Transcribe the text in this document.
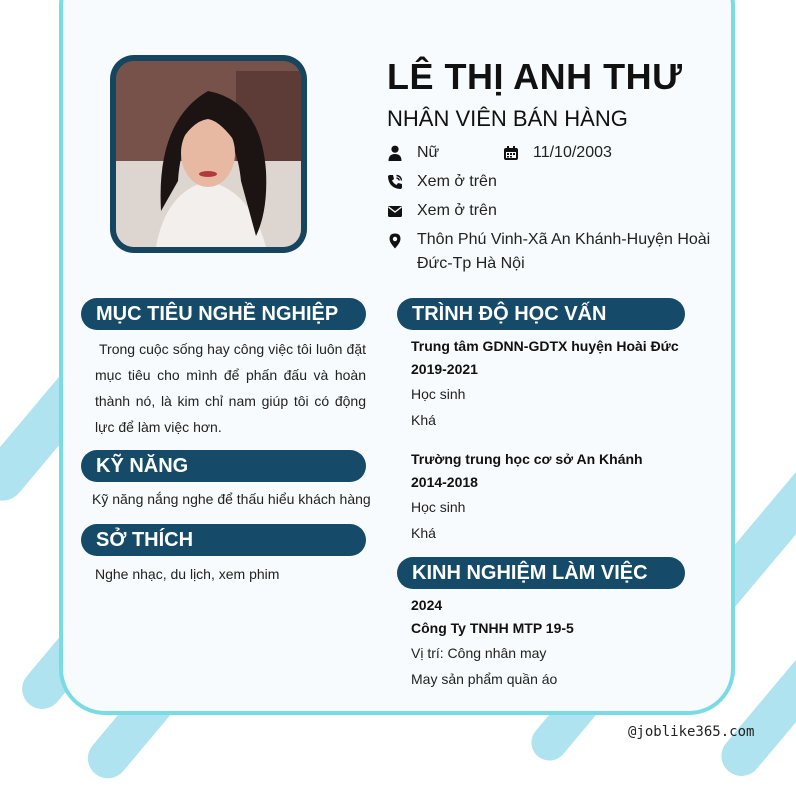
LÊ THỊ ANH THƯ
NHÂN VIÊN BÁN HÀNG
Nữ	11/10/2003
Xem ở trên
Xem ở trên
Thôn Phú Vinh-Xã An Khánh-Huyện Hoài Đức-Tp Hà Nội
MỤC TIÊU NGHỀ NGHIỆP
Trong cuộc sống hay công việc tôi luôn đặt mục tiêu cho mình để phấn đấu và hoàn thành nó, là kim chỉ nam giúp tôi có động lực để làm việc hơn.
KỸ NĂNG
Kỹ năng nắng nghe để thấu hiểu khách hàng
SỞ THÍCH
Nghe nhạc, du lịch, xem phim
TRÌNH ĐỘ HỌC VẤN
Trung tâm GDNN-GDTX huyện Hoài Đức
2019-2021
Học sinh
Khá
Trường trung học cơ sở An Khánh
2014-2018
Học sinh
Khá
KINH NGHIỆM LÀM VIỆC
2024
Công Ty TNHH MTP 19-5
Vị trí: Công nhân may
May sản phẩm quần áo
@joblike365.com
